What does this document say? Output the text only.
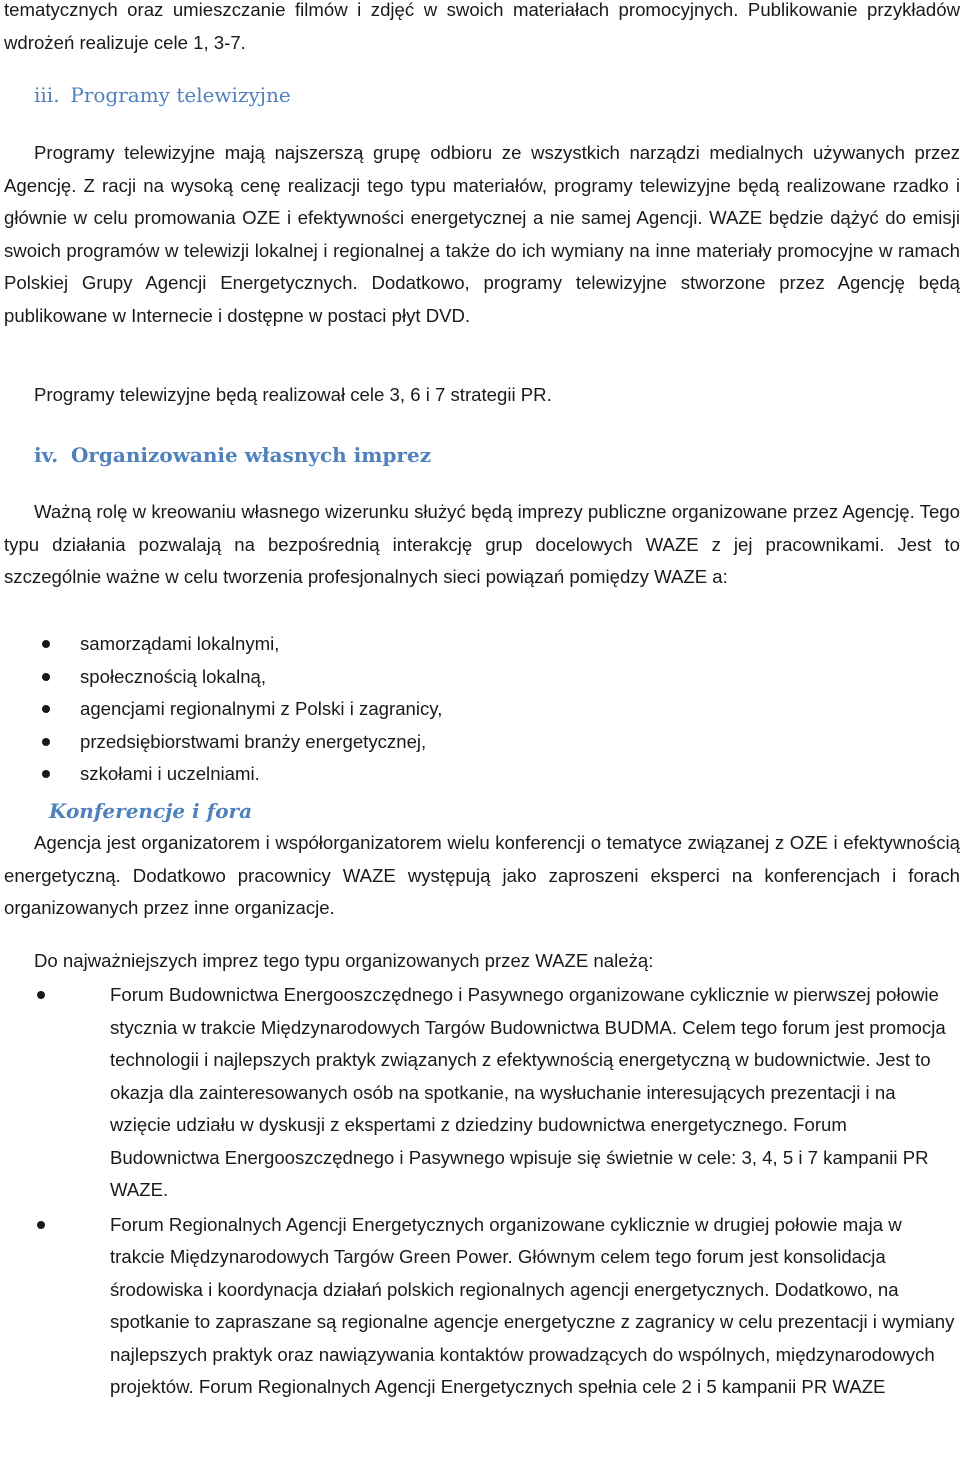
tematycznych oraz umieszczanie filmów i zdjęć w swoich materiałach promocyjnych. Publikowanie przykładów wdrożeń realizuje cele 1, 3-7.

iii. Programy telewizyjne

Programy telewizyjne mają najszerszą grupę odbioru ze wszystkich narządzi medialnych używanych przez Agencję. Z racji na wysoką cenę realizacji tego typu materiałów, programy telewizyjne będą realizowane rzadko i głównie w celu promowania OZE i efektywności energetycznej a nie samej Agencji. WAZE będzie dążyć do emisji swoich programów w telewizji lokalnej i regionalnej a także do ich wymiany na inne materiały promocyjne w ramach Polskiej Grupy Agencji Energetycznych. Dodatkowo, programy telewizyjne stworzone przez Agencję będą publikowane w Internecie i dostępne w postaci płyt DVD.

Programy telewizyjne będą realizował cele 3, 6 i 7 strategii PR.

iv. Organizowanie własnych imprez

Ważną rolę w kreowaniu własnego wizerunku służyć będą imprezy publiczne organizowane przez Agencję. Tego typu działania pozwalają na bezpośrednią interakcję grup docelowych WAZE z jej pracownikami. Jest to szczególnie ważne w celu tworzenia profesjonalnych sieci powiązań pomiędzy WAZE a:

samorządami lokalnymi,
społecznością lokalną,
agencjami regionalnymi z Polski i zagranicy,
przedsiębiorstwami branży energetycznej,
szkołami i uczelniami.
Konferencje i fora

Agencja jest organizatorem i współorganizatorem wielu konferencji o tematyce związanej z OZE i efektywnością energetyczną. Dodatkowo pracownicy WAZE występują jako zaproszeni eksperci na konferencjach i forach organizowanych przez inne organizacje.

Do najważniejszych imprez tego typu organizowanych przez WAZE należą:

Forum Budownictwa Energooszczędnego i Pasywnego organizowane cyklicznie w pierwszej połowie stycznia w trakcie Międzynarodowych Targów Budownictwa BUDMA. Celem tego forum jest promocja technologii i najlepszych praktyk związanych z efektywnością energetyczną w budownictwie. Jest to okazja dla zainteresowanych osób na spotkanie, na wysłuchanie interesujących prezentacji i na wzięcie udziału w dyskusji z ekspertami z dziedziny budownictwa energetycznego. Forum Budownictwa Energooszczędnego i Pasywnego wpisuje się świetnie w cele: 3, 4, 5 i 7 kampanii PR WAZE.
Forum Regionalnych Agencji Energetycznych organizowane cyklicznie w drugiej połowie maja w trakcie Międzynarodowych Targów Green Power. Głównym celem tego forum jest konsolidacja środowiska i koordynacja działań polskich regionalnych agencji energetycznych. Dodatkowo, na spotkanie to zapraszane są regionalne agencje energetyczne z zagranicy w celu prezentacji i wymiany najlepszych praktyk oraz nawiązywania kontaktów prowadzących do wspólnych, międzynarodowych projektów. Forum Regionalnych Agencji Energetycznych spełnia cele 2 i 5 kampanii PR WAZE
